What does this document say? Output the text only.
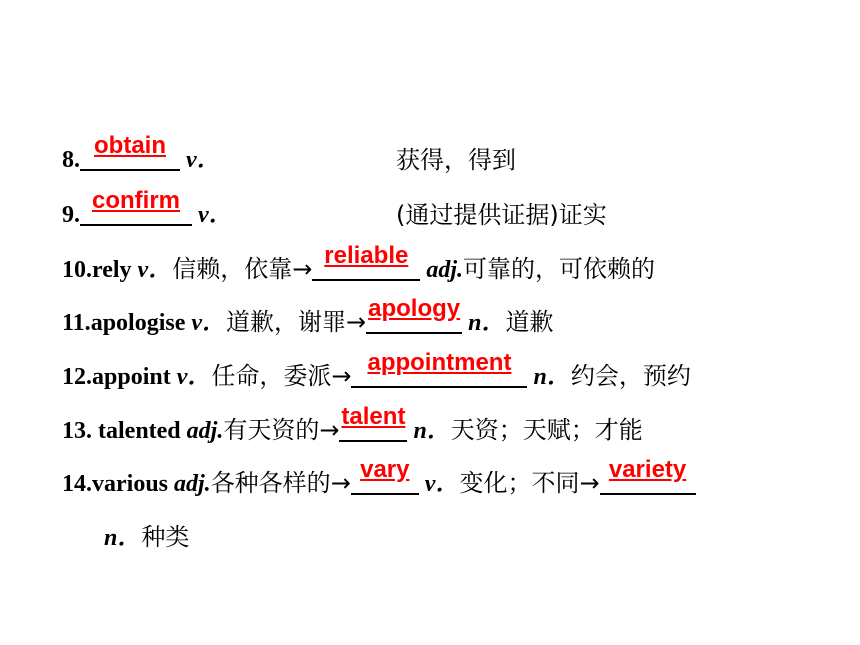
8.
obtain
v．	获得，得到
9.
confirm
v．	(通过提供证据)证实
10.rely v．信赖，依靠→ reliable
adj.可靠的，可依赖的
11.apologise v．道歉，谢罪→ apology
n．道歉
12.appoint v．任命，委派→ appointment
n．约会，预约
13. talented adj.有天资的→ talent
n．天资；天赋；才能
14.various adj.各种各样的→ vary
v．变化；不同→ variety
n．种类
